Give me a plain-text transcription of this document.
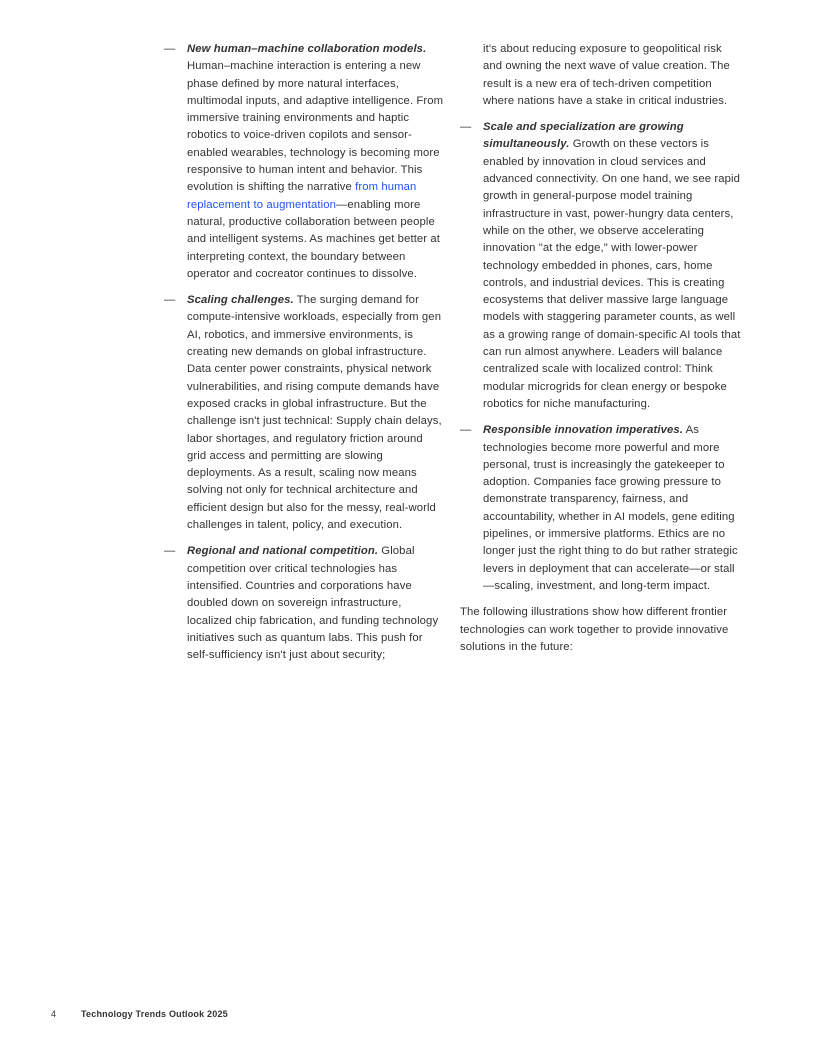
—	New human–machine collaboration models. Human–machine interaction is entering a new phase defined by more natural interfaces, multimodal inputs, and adaptive intelligence. From immersive training environments and haptic robotics to voice-driven copilots and sensor-enabled wearables, technology is becoming more responsive to human intent and behavior. This evolution is shifting the narrative from human replacement to augmentation—enabling more natural, productive collaboration between people and intelligent systems. As machines get better at interpreting context, the boundary between operator and cocreator continues to dissolve.

—	Scaling challenges. The surging demand for compute-intensive workloads, especially from gen AI, robotics, and immersive environments, is creating new demands on global infrastructure. Data center power constraints, physical network vulnerabilities, and rising compute demands have exposed cracks in global infrastructure. But the challenge isn't just technical: Supply chain delays, labor shortages, and regulatory friction around grid access and permitting are slowing deployments. As a result, scaling now means solving not only for technical architecture and efficient design but also for the messy, real-world challenges in talent, policy, and execution.

—	Regional and national competition. Global competition over critical technologies has intensified. Countries and corporations have doubled down on sovereign infrastructure, localized chip fabrication, and funding technology initiatives such as quantum labs. This push for self-sufficiency isn't just about security;

it's about reducing exposure to geopolitical risk and owning the next wave of value creation. The result is a new era of tech-driven competition where nations have a stake in critical industries.

—	Scale and specialization are growing simultaneously. Growth on these vectors is enabled by innovation in cloud services and advanced connectivity. On one hand, we see rapid growth in general-purpose model training infrastructure in vast, power-hungry data centers, while on the other, we observe accelerating innovation "at the edge," with lower-power technology embedded in phones, cars, home controls, and industrial devices. This is creating ecosystems that deliver massive large language models with staggering parameter counts, as well as a growing range of domain-specific AI tools that can run almost anywhere. Leaders will balance centralized scale with localized control: Think modular microgrids for clean energy or bespoke robotics for niche manufacturing.

—	Responsible innovation imperatives. As technologies become more powerful and more personal, trust is increasingly the gatekeeper to adoption. Companies face growing pressure to demonstrate transparency, fairness, and accountability, whether in AI models, gene editing pipelines, or immersive platforms. Ethics are no longer just the right thing to do but rather strategic levers in deployment that can accelerate—or stall—scaling, investment, and long-term impact.

The following illustrations show how different frontier technologies can work together to provide innovative solutions in the future:

4	Technology Trends Outlook 2025
